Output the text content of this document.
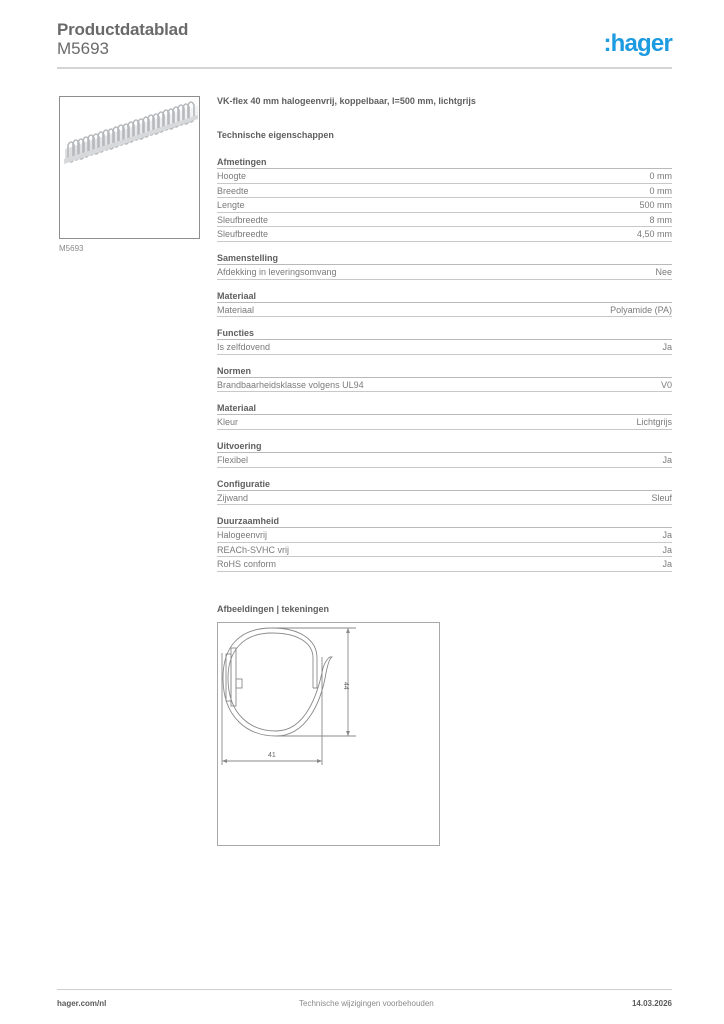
Productdatablad
M5693	:hager
M5693
VK-flex 40 mm halogeenvrij, koppelbaar, l=500 mm, lichtgrijs
Technische eigenschappen
Afmetingen
Hoogte	0 mm
Breedte	0 mm
Lengte	500 mm
Sleufbreedte	8 mm
Sleufbreedte	4,50 mm
Samenstelling
Afdekking in leveringsomvang	Nee
Materiaal
Materiaal	Polyamide (PA)
Functies
Is zelfdovend	Ja
Normen
Brandbaarheidsklasse volgens UL94	V0
Materiaal
Kleur	Lichtgrijs
Uitvoering
Flexibel	Ja
Configuratie
Zijwand	Sleuf
Duurzaamheid
Halogeenvrij	Ja
REACh-SVHC vrij	Ja
RoHS conform	Ja
Afbeeldingen | tekeningen
44
41
hager.com/nl	Technische wijzigingen voorbehouden	14.03.2026
